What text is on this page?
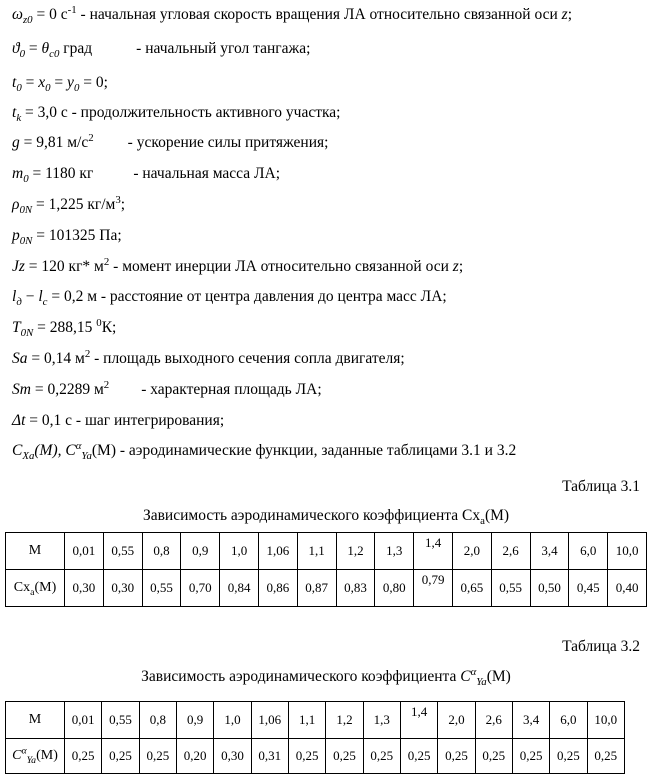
$\omega_{z0} = 0$ $с^{-1}$ - начальная угловая скорость вращения ЛА относительно связанной оси z;
$ϑ_0 = \theta_{с0}$ град	- начальный угол тангажа;
$t_0 = x_0 = y_0 = 0$;
$t_k = 3,0$ с - продолжительность активного участка;
g = 9,81 $м/с^2$ - ускорение силы притяжения;
$m_0 = 1180$ кг	- начальная масса ЛА;
$\rho_{0N} = 1,225$ $кг/м^3$;
$p_{0N} = 101325$ Па;
Jz = 120 кг* $м^2$ - момент инерции ЛА относительно связанной оси z;
$l_д - l_c = 0,2$ м - расстояние от центра давления до центра масс ЛА;
$T_{0N} = 288,15$ $^0$К;
Sa = 0,14 $м^2$ - площадь выходного сечения сопла двигателя;
Sm = 0,2289 $м^2$ - характерная площадь ЛА;
Δt = 0,1 с - шаг интегрирования;
$C_{Xa}(M)$, $C^\alpha_{Ya}(M)$ - аэродинамические функции, заданные таблицами 3.1 и 3.2
Таблица 3.1
Зависимость аэродинамического коэффициента $Cx_a(M)$
M	0,01	0,55	0,8	0,9	1,0	1,06	1,1	1,2	1,3	1,4	2,0	2,6	3,4	6,0	10,0
$Cx_a(M)$	0,30	0,30	0,55	0,70	0,84	0,86	0,87	0,83	0,80	0,79	0,65	0,55	0,50	0,45	0,40
Таблица 3.2
Зависимость аэродинамического коэффициента $C^\alpha_{Ya}(M)$
M	0,01	0,55	0,8	0,9	1,0	1,06	1,1	1,2	1,3	1,4	2,0	2,6	3,4	6,0	10,0
$C^\alpha_{Ya}(M)$	0,25	0,25	0,25	0,20	0,30	0,31	0,25	0,25	0,25	0,25	0,25	0,25	0,25	0,25	0,25
